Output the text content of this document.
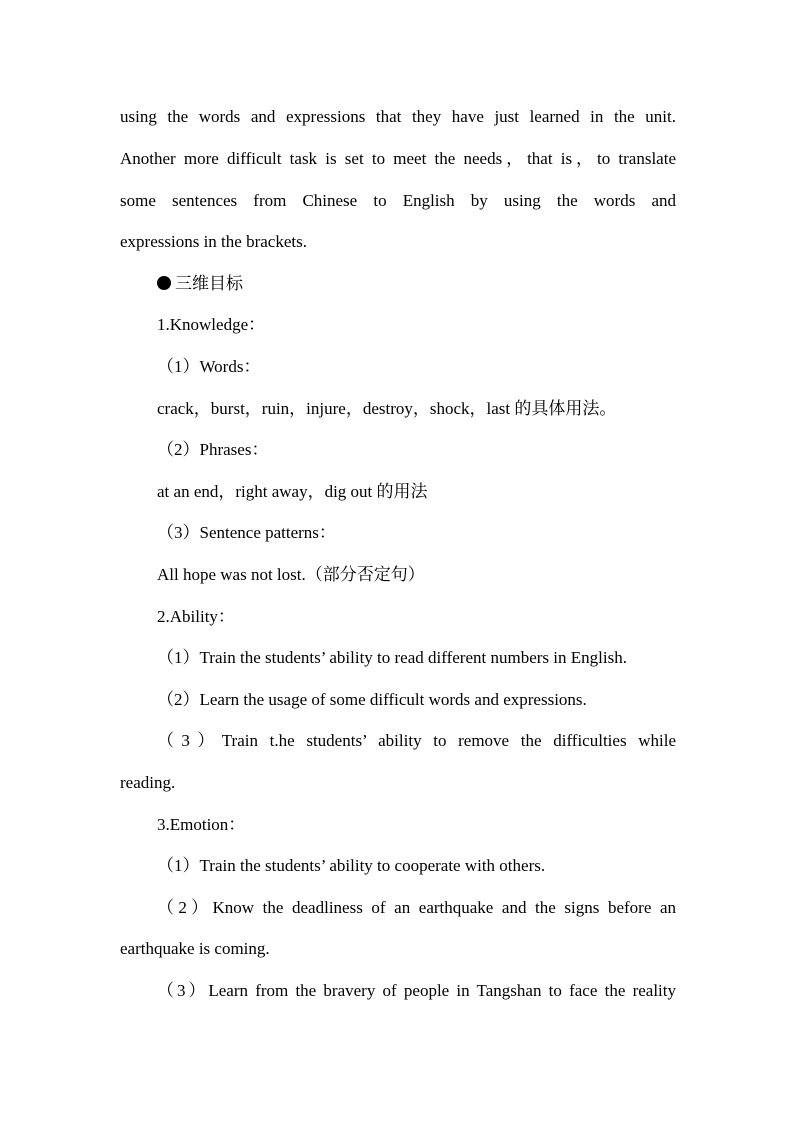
using the words and expressions that they have just learned in the unit.
Another more difficult task is set to meet the needs，that is，to translate
some sentences from Chinese to English by using the words and
expressions in the brackets.
三维目标
1.Knowledge：
（1）Words：
crack，burst，ruin，injure，destroy，shock，last 的具体用法。
（2）Phrases：
at an end，right away，dig out 的用法
（3）Sentence patterns：
All hope was not lost.（部分否定句）
2.Ability：
（1）Train the students’ ability to read different numbers in English.
（2）Learn the usage of some difficult words and expressions.
（3）Train t.he students’ ability to remove the difficulties while
reading.
3.Emotion：
（1）Train the students’ ability to cooperate with others.
（2）Know the deadliness of an earthquake and the signs before an
earthquake is coming.
（3）Learn from the bravery of people in Tangshan to face the reality
